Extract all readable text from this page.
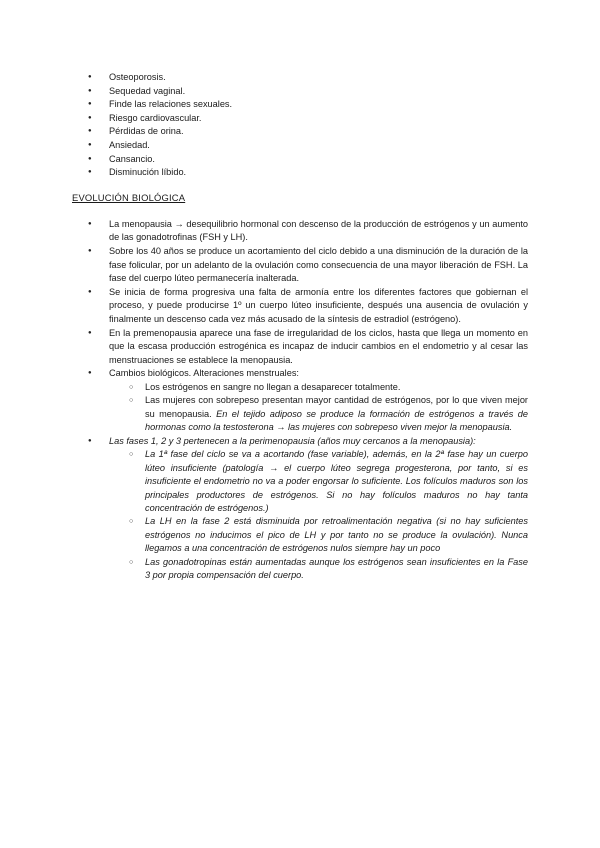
● Osteoporosis.
● Sequedad vaginal.
● Finde las relaciones sexuales.
● Riesgo cardiovascular.
● Pérdidas de orina.
● Ansiedad.
● Cansancio.
● Disminución líbido.
EVOLUCIÓN BIOLÓGICA
● La menopausia → desequilibrio hormonal con descenso de la producción de estrógenos y un aumento de las gonadotrofinas (FSH y LH).
● Sobre los 40 años se produce un acortamiento del ciclo debido a una disminución de la duración de la fase folicular, por un adelanto de la ovulación como consecuencia de una mayor liberación de FSH. La fase del cuerpo lúteo permanecería inalterada.
● Se inicia de forma progresiva una falta de armonía entre los diferentes factores que gobiernan el proceso, y puede producirse 1º un cuerpo lúteo insuficiente, después una ausencia de ovulación y finalmente un descenso cada vez más acusado de la síntesis de estradiol (estrógeno).
● En la premenopausia aparece una fase de irregularidad de los ciclos, hasta que llega un momento en que la escasa producción estrogénica es incapaz de inducir cambios en el endometrio y al cesar las menstruaciones se establece la menopausia.
● Cambios biológicos. Alteraciones menstruales:
○ Los estrógenos en sangre no llegan a desaparecer totalmente.
○ Las mujeres con sobrepeso presentan mayor cantidad de estrógenos, por lo que viven mejor su menopausia. En el tejido adiposo se produce la formación de estrógenos a través de hormonas como la testosterona → las mujeres con sobrepeso viven mejor la menopausia.
● Las fases 1, 2 y 3 pertenecen a la perimenopausia (años muy cercanos a la menopausia):
○ La 1ª fase del ciclo se va a acortando (fase variable), además, en la 2ª fase hay un cuerpo lúteo insuficiente (patología → el cuerpo lúteo segrega progesterona, por tanto, si es insuficiente el endometrio no va a poder engorsar lo suficiente. Los folículos maduros son los principales productores de estrógenos. Si no hay folículos maduros no hay tanta concentración de estrógenos.)
○ La LH en la fase 2 está disminuida por retroalimentación negativa (si no hay suficientes estrógenos no inducimos el pico de LH y por tanto no se produce la ovulación). Nunca llegamos a una concentración de estrógenos nulos siempre hay un poco
○ Las gonadotropinas están aumentadas aunque los estrógenos sean insuficientes en la Fase 3 por propia compensación del cuerpo.
